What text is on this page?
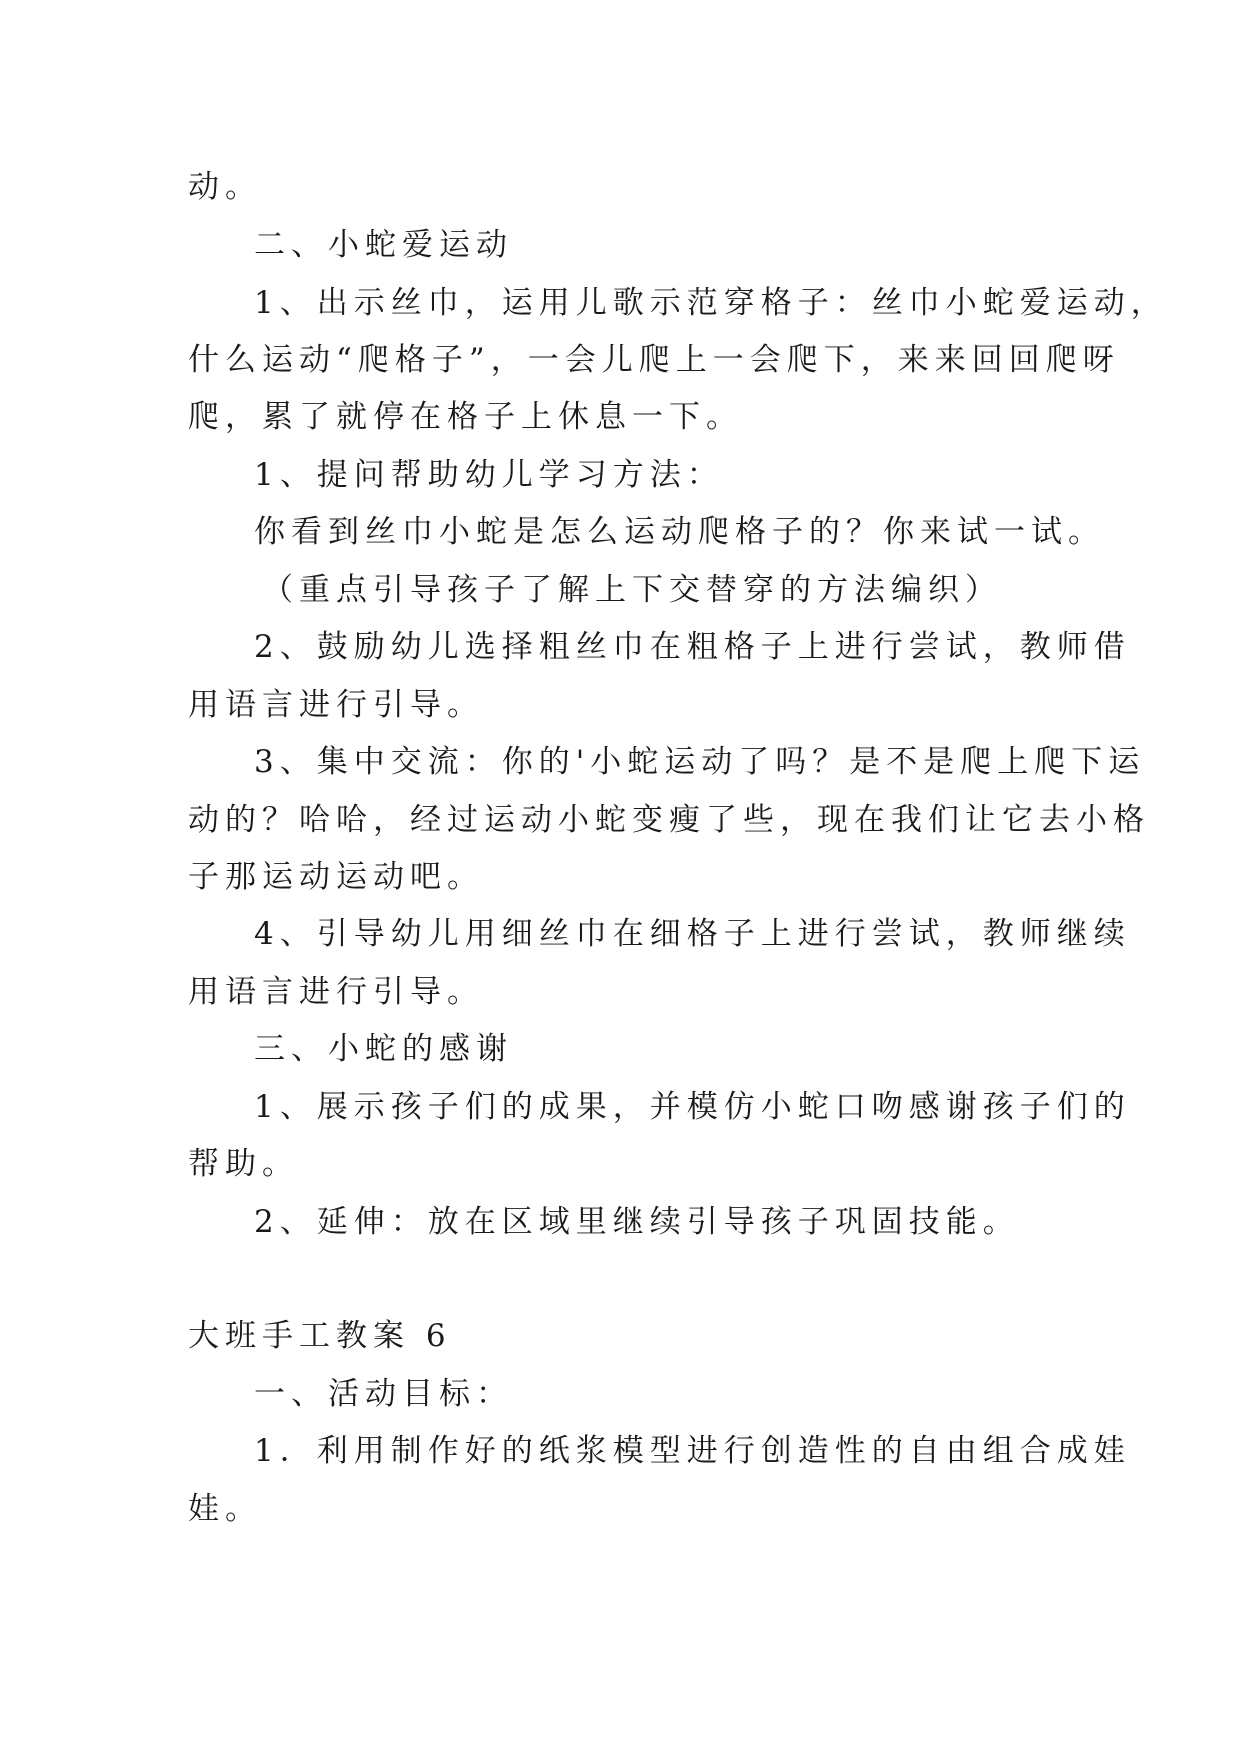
动。
二、小蛇爱运动
1、出示丝巾，运用儿歌示范穿格子：丝巾小蛇爱运动，
什么运动“爬格子”，一会儿爬上一会爬下，来来回回爬呀
爬，累了就停在格子上休息一下。
1、提问帮助幼儿学习方法：
你看到丝巾小蛇是怎么运动爬格子的？你来试一试。
（重点引导孩子了解上下交替穿的方法编织）
2、鼓励幼儿选择粗丝巾在粗格子上进行尝试，教师借
用语言进行引导。
3、集中交流：你的'小蛇运动了吗？是不是爬上爬下运
动的？哈哈，经过运动小蛇变瘦了些，现在我们让它去小格
子那运动运动吧。
4、引导幼儿用细丝巾在细格子上进行尝试，教师继续
用语言进行引导。
三、小蛇的感谢
1、展示孩子们的成果，并模仿小蛇口吻感谢孩子们的
帮助。
2、延伸：放在区域里继续引导孩子巩固技能。
大班手工教案 6
一、活动目标：
1．利用制作好的纸浆模型进行创造性的自由组合成娃
娃。
